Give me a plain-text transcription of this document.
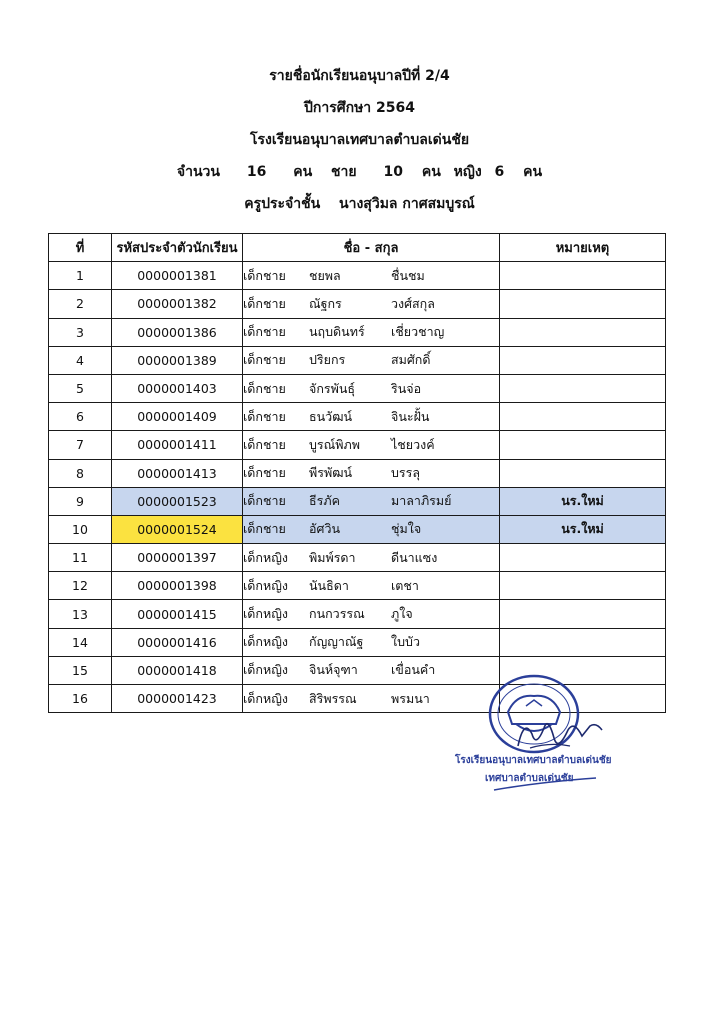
รายชื่อนักเรียนอนุบาลปีที่ 2/4
ปีการศึกษา 2564
โรงเรียนอนุบาลเทศบาลตำบลเด่นชัย
จำนวน 16 คน ชาย 10 คน หญิง 6 คน
ครูประจำชั้น นางสุวิมล กาศสมบูรณ์
ที่	รหัสประจำตัวนักเรียน	ชื่อ - สกุล	หมายเหตุ
1	0000001381	เด็กชาย ชยพล ชื่นชม	
2	0000001382	เด็กชาย ณัฐกร วงศ์สกุล	
3	0000001386	เด็กชาย นฤบดินทร์ เชี่ยวชาญ	
4	0000001389	เด็กชาย ปริยกร สมศักดิ์	
5	0000001403	เด็กชาย จักรพันธุ์ รินจ่อ	
6	0000001409	เด็กชาย ธนวัฒน์ จินะฝั้น	
7	0000001411	เด็กชาย บูรณ์พิภพ ไชยวงค์	
8	0000001413	เด็กชาย พีรพัฒน์ บรรลุ	
9	0000001523	เด็กชาย ธีรภัค มาลาภิรมย์	นร.ใหม่
10	0000001524	เด็กชาย อัศวิน ชุ่มใจ	นร.ใหม่
11	0000001397	เด็กหญิง พิมพ์รดา ดีนาแซง	
12	0000001398	เด็กหญิง นันธิดา เตชา	
13	0000001415	เด็กหญิง กนกวรรณ ภูใจ	
14	0000001416	เด็กหญิง กัญญาณัฐ ใบบัว	
15	0000001418	เด็กหญิง จินห์จุฑา เขื่อนคำ	
16	0000001423	เด็กหญิง สิริพรรณ พรมนา	
โรงเรียนอนุบาลเทศบาลตำบลเด่นชัย
เทศบาลตำบลเด่นชัย
